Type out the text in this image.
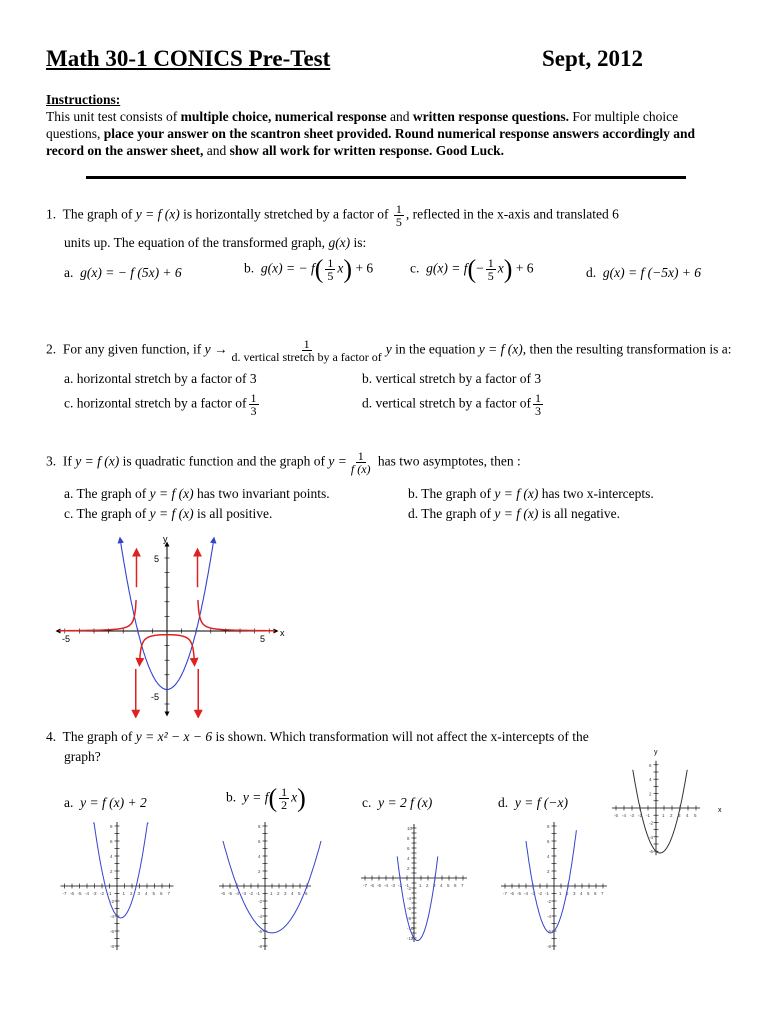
Math 30-1 CONICS Pre-Test	Sept, 2012
Instructions:
This unit test consists of multiple choice, numerical response and written response questions. For multiple choice questions, place your answer on the scantron sheet provided. Round numerical response answers accordingly and record on the answer sheet, and show all work for written response. Good Luck.
1. The graph of y = f (x) is horizontally stretched by a factor of $\frac{1}{5}$ , reflected in the x-axis and translated 6
units up. The equation of the transformed graph, g(x) is:
a. g(x) = − f (5x) + 6	b. g(x) = − $f( \frac{1}{5} x) + 6$	c. $g(x) = f(- \frac{1}{5} x) + 6$	d. g(x) = f (−5x) + 6
2. For any given function, if $y \to \frac{1}{\text{d. vertical stretch by a factor of}}$ y in the equation y = f (x), then the resulting transformation is a:
a. horizontal stretch by a factor of 3	b. vertical stretch by a factor of 3
c. horizontal stretch by a factor of $\frac{1}{3}$	d. vertical stretch by a factor of $\frac{1}{3}$
3. If y = f (x) is quadratic function and the graph of $y = \frac{1}{f (x)}$ has two asymptotes, then :
a. The graph of y = f (x) has two invariant points.	b. The graph of y = f (x) has two x-intercepts.
c. The graph of y = f (x) is all positive.	d. The graph of y = f (x) is all negative.
y
x
5
-5
-5	5
4. The graph of y = x² − x − 6 is shown. Which transformation will not affect the x-intercepts of the
graph?
a. y = f (x) + 2	b. $y = f( \frac{1}{2} x)$	c. y = 2 f (x)	d. y = f (−x)
-5 -4 -3 -2 -1	1 2 3 4 5
-6
-4
-2
2
4
6
y
x
-7 -6 -5 -4 -3 -2 -1 1 2 3 4 5 6 7
-8
-6
-4
-2
2
4
6
8
-6 -5 -4 -3 -2 -1 1 2 3 4 5 6
-8
-6
-4
-2
2
4
6
8
-7 -6 -5 -4 -3 -2 -1 1 2 3 4 5 6 7
-12
-10
-8
-6
-4
-2
2
4
6
8
10
-7 -6 -5 -4 -3 -2 -1 1 2 3 4 5 6 7
-8
-6
-4
-2
2
4
6
8
